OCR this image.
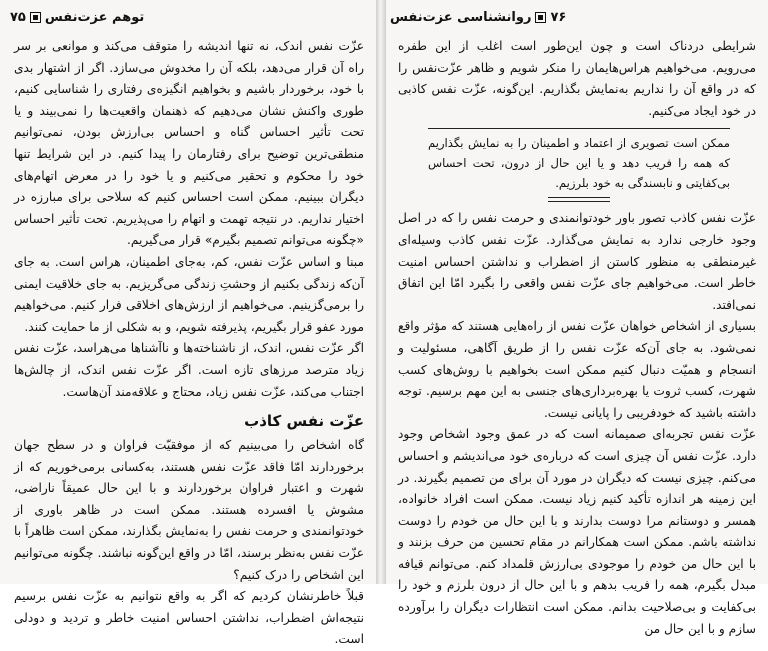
توهم عزت‌نفس
۷۵

عزّت نفس اندک، نه تنها اندیشه را متوقف می‌کند و موانعی بر سر راه آن قرار می‌دهد، بلکه آن را مخدوش می‌سازد. اگر از اشتهار بدی با خود، برخوردار باشیم و بخواهیم انگیزه‌ی رفتاری را شناسایی کنیم، طوری واکنش نشان می‌دهیم که ذهنمان واقعیت‌ها را نمی‌بیند و یا تحت تأثیر احساس گناه و احساس بی‌ارزش بودن، نمی‌توانیم منطقی‌ترین توضیح برای رفتارمان را پیدا کنیم. در این شرایط تنها خود را محکوم و تحقیر می‌کنیم و یا خود را در معرض اتهام‌های دیگران ببینیم. ممکن است احساس کنیم که سلاحی برای مبارزه در اختیار نداریم. در نتیجه تهمت و اتهام را می‌پذیریم. تحت تأثیر احساس «چگونه می‌توانم تصمیم بگیرم» قرار می‌گیریم.

مبنا و اساس عزّت نفس، کم، به‌جای اطمینان، هراس است. به جای آن‌که زندگی بکنیم از وحشتِ زندگی می‌گریزیم. به جای خلاقیت ایمنی را برمی‌گزینیم. می‌خواهیم از ارزش‌های اخلاقی فرار کنیم. می‌خواهیم مورد عفو قرار بگیریم، پذیرفته شویم، و به شکلی از ما حمایت کنند.

اگر عزّت نفس، اندک، از ناشناخته‌ها و ناآشناها می‌هراسد، عزّت نفس زیاد مترصد مرزهای تازه است. اگر عزّت نفس اندک، از چالش‌ها اجتناب می‌کند، عزّت نفس زیاد، محتاج و علاقه‌مند آن‌هاست.

عزّت نفس کاذب

گاه اشخاص را می‌بینیم که از موفقیّت فراوان و در سطح جهان برخوردارند امّا فاقد عزّت نفس هستند، به‌کسانی برمی‌خوریم که از شهرت و اعتبار فراوان برخوردارند و با این حال عمیقاً ناراضی، مشوش یا افسرده هستند. ممکن است در ظاهر باوری از خودتوانمندی و حرمت نفس را به‌نمایش بگذارند، ممکن است ظاهراً با عزّت نفس به‌نظر برسند، امّا در واقع این‌گونه نباشند. چگونه می‌توانیم این اشخاص را درک کنیم؟

قبلاً خاطرنشان کردیم که اگر به واقع نتوانیم به عزّت نفس برسیم نتیجه‌اش اضطراب، نداشتن احساس امنیت خاطر و تردید و دودلی است.

۷۶
روانشناسی عزت‌نفس

شرایطی دردناک است و چون این‌طور است اغلب از این طفره می‌رویم. می‌خواهیم هراس‌هایمان را منکر شویم و ظاهر عزّت‌نفس را که در واقع آن را نداریم به‌نمایش بگذاریم. این‌گونه، عزّت نفس کاذبی در خود ایجاد می‌کنیم.

ممکن است تصویری از اعتماد و اطمینان را به نمایش بگذاریم که همه را فریب دهد و یا این حال از درون، تحت احساس بی‌کفایتی و نابسندگی به خود بلرزیم.

عزّت نفس کاذب تصور باور خودتوانمندی و حرمت نفس را که در اصل وجود خارجی ندارد به نمایش می‌گذارد. عزّت نفس کاذب وسیله‌ای غیرمنطقی به منظور کاستن از اضطراب و نداشتن احساس امنیت خاطر است. می‌خواهیم جای عزّت نفس واقعی را بگیرد امّا این اتفاق نمی‌افتد.

بسیاری از اشخاص خواهان عزّت نفس از راه‌هایی هستند که مؤثر واقع نمی‌شود. به جای آن‌که عزّت نفس را از طریق آگاهی، مسئولیت و انسجام و همیّت دنبال کنیم ممکن است بخواهیم با روش‌های کسب شهرت، کسب ثروت یا بهره‌برداری‌های جنسی به این مهم برسیم. توجه داشته باشید که خودفریبی را پایانی نیست.

عزّت نفس تجربه‌ای صمیمانه است که در عمق وجود اشخاص وجود دارد. عزّت نفس آن چیزی است که درباره‌ی خود می‌اندیشم و احساس می‌کنم. چیزی نیست که دیگران در مورد آن برای من تصمیم بگیرند. در این زمینه هر اندازه تأکید کنیم زیاد نیست. ممکن است افراد خانواده، همسر و دوستانم مرا دوست بدارند و با این حال من خودم را دوست نداشته باشم. ممکن است همکارانم در مقام تحسین من حرف بزنند و با این حال من خودم را موجودی بی‌ارزش قلمداد کنم. می‌توانم قیافه مبدل بگیرم، همه را فریب بدهم و با این حال از درون بلرزم و خود را بی‌کفایت و بی‌صلاحیت بدانم. ممکن است انتظارات دیگران را برآورده سازم و با این حال من
